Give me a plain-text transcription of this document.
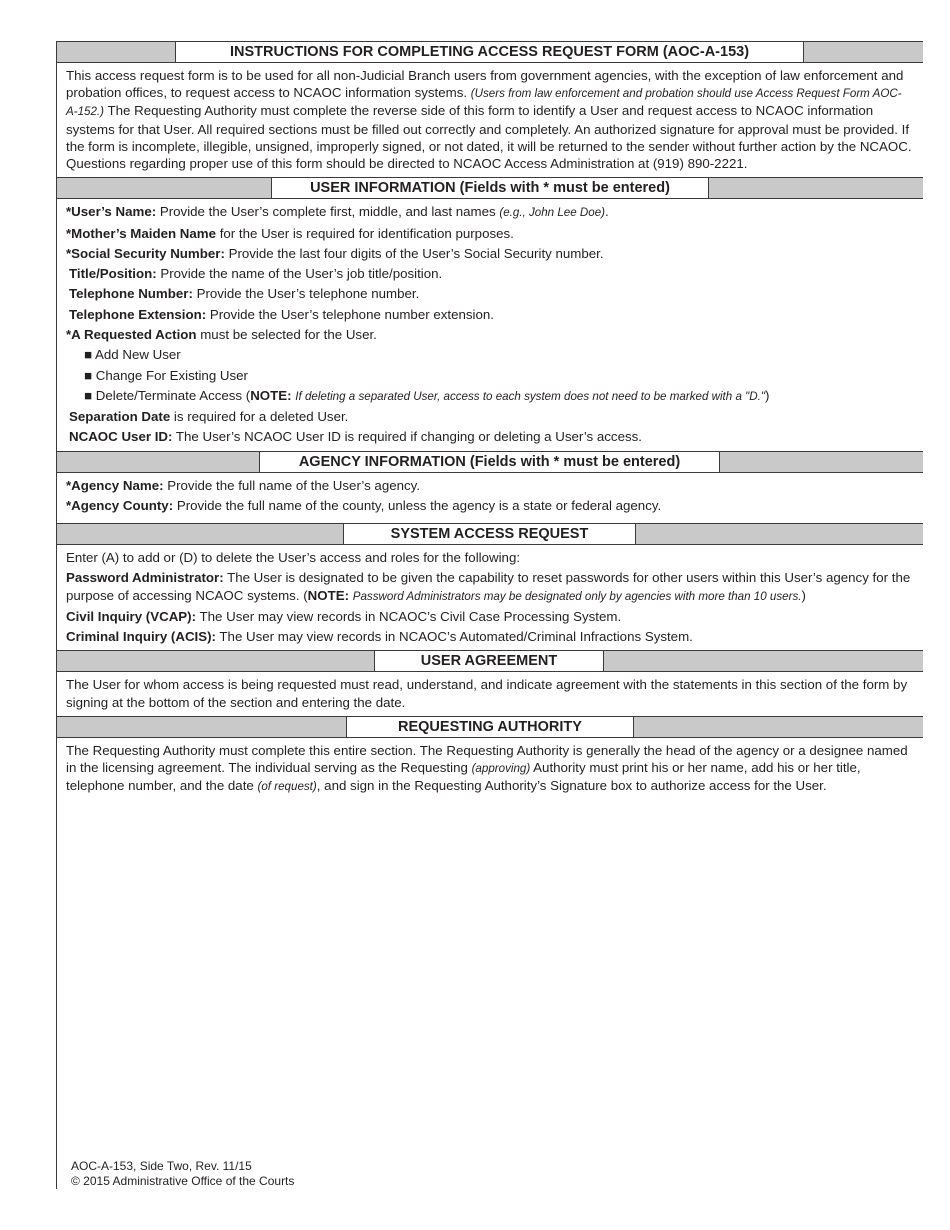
INSTRUCTIONS FOR COMPLETING ACCESS REQUEST FORM (AOC-A-153)

This access request form is to be used for all non-Judicial Branch users from government agencies, with the exception of law enforcement and probation offices, to request access to NCAOC information systems. (Users from law enforcement and probation should use Access Request Form AOC-A-152.) The Requesting Authority must complete the reverse side of this form to identify a User and request access to NCAOC information systems for that User. All required sections must be filled out correctly and completely. An authorized signature for approval must be provided. If the form is incomplete, illegible, unsigned, improperly signed, or not dated, it will be returned to the sender without further action by the NCAOC. Questions regarding proper use of this form should be directed to NCAOC Access Administration at (919) 890-2221.

USER INFORMATION (Fields with * must be entered)

*User’s Name: Provide the User’s complete first, middle, and last names (e.g., John Lee Doe).

*Mother’s Maiden Name for the User is required for identification purposes.

*Social Security Number: Provide the last four digits of the User’s Social Security number.

Title/Position: Provide the name of the User’s job title/position.

Telephone Number: Provide the User’s telephone number.

Telephone Extension: Provide the User’s telephone number extension.

*A Requested Action must be selected for the User.

■ Add New User

■ Change For Existing User

■ Delete/Terminate Access (NOTE: If deleting a separated User, access to each system does not need to be marked with a "D.")

Separation Date is required for a deleted User.

NCAOC User ID: The User’s NCAOC User ID is required if changing or deleting a User’s access.

AGENCY INFORMATION (Fields with * must be entered)

*Agency Name: Provide the full name of the User’s agency.

*Agency County: Provide the full name of the county, unless the agency is a state or federal agency.

SYSTEM ACCESS REQUEST

Enter (A) to add or (D) to delete the User’s access and roles for the following:

Password Administrator: The User is designated to be given the capability to reset passwords for other users within this User’s agency for the purpose of accessing NCAOC systems. (NOTE: Password Administrators may be designated only by agencies with more than 10 users.)

Civil Inquiry (VCAP): The User may view records in NCAOC’s Civil Case Processing System.

Criminal Inquiry (ACIS): The User may view records in NCAOC’s Automated/Criminal Infractions System.

USER AGREEMENT

The User for whom access is being requested must read, understand, and indicate agreement with the statements in this section of the form by signing at the bottom of the section and entering the date.

REQUESTING AUTHORITY

The Requesting Authority must complete this entire section. The Requesting Authority is generally the head of the agency or a designee named in the licensing agreement. The individual serving as the Requesting (approving) Authority must print his or her name, add his or her title, telephone number, and the date (of request), and sign in the Requesting Authority’s Signature box to authorize access for the User.

AOC-A-153, Side Two, Rev. 11/15
© 2015 Administrative Office of the Courts
